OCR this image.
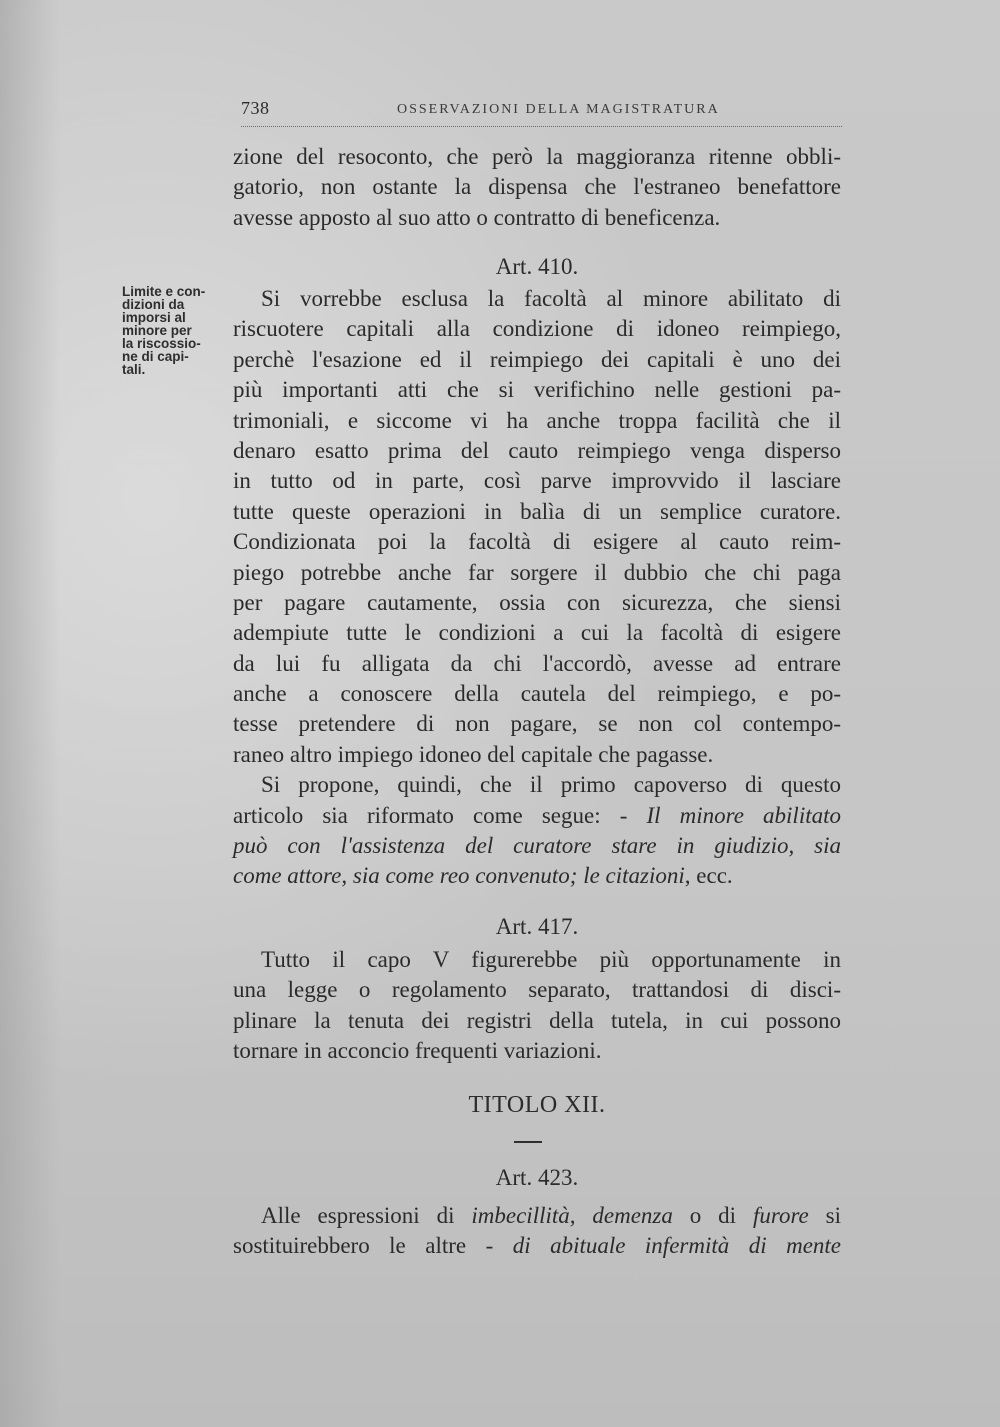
738	OSSERVAZIONI DELLA MAGISTRATURA
zione del resoconto, che però la maggioranza ritenne obbli-
gatorio, non ostante la dispensa che l'estraneo benefattore
avesse apposto al suo atto o contratto di beneficenza.
Art. 410.
Limite e con-
dizioni da
imporsi al
minore per
la riscossio-
ne di capi-
tali.
Si vorrebbe esclusa la facoltà al minore abilitato di
riscuotere capitali alla condizione di idoneo reimpiego,
perchè l'esazione ed il reimpiego dei capitali è uno dei
più importanti atti che si verifichino nelle gestioni pa-
trimoniali, e siccome vi ha anche troppa facilità che il
denaro esatto prima del cauto reimpiego venga disperso
in tutto od in parte, così parve improvvido il lasciare
tutte queste operazioni in balìa di un semplice curatore.
Condizionata poi la facoltà di esigere al cauto reim-
piego potrebbe anche far sorgere il dubbio che chi paga
per pagare cautamente, ossia con sicurezza, che siensi
adempiute tutte le condizioni a cui la facoltà di esigere
da lui fu alligata da chi l'accordò, avesse ad entrare
anche a conoscere della cautela del reimpiego, e po-
tesse pretendere di non pagare, se non col contempo-
raneo altro impiego idoneo del capitale che pagasse.
Si propone, quindi, che il primo capoverso di questo
articolo sia riformato come segue: - Il minore abilitato
può con l'assistenza del curatore stare in giudizio, sia
come attore, sia come reo convenuto; le citazioni, ecc.
Art. 417.
Tutto il capo V figurerebbe più opportunamente in
una legge o regolamento separato, trattandosi di disci-
plinare la tenuta dei registri della tutela, in cui possono
tornare in acconcio frequenti variazioni.
TITOLO XII.
Art. 423.
Alle espressioni di imbecillità, demenza o di furore si
sostituirebbero le altre - di abituale infermità di mente
